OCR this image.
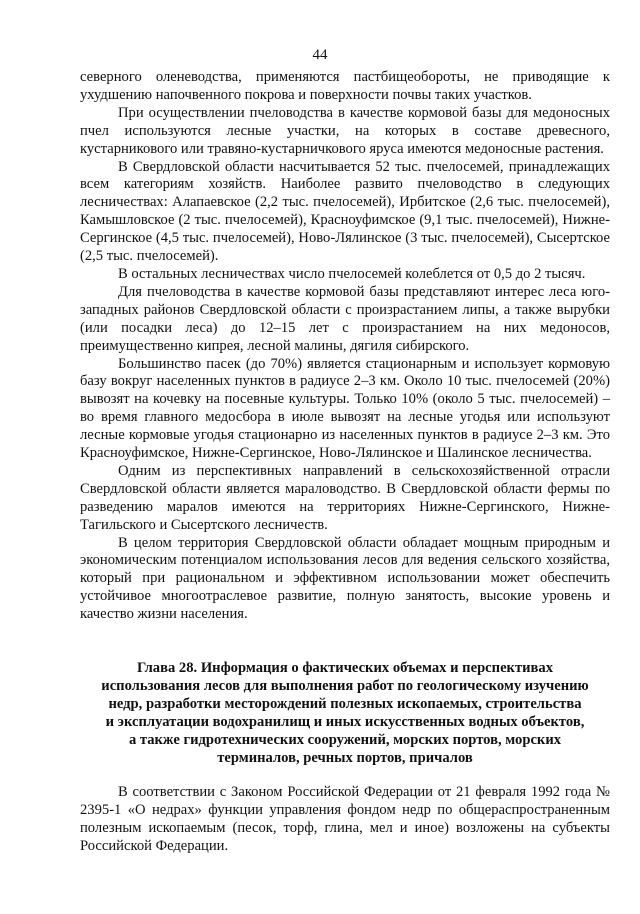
44

северного оленеводства, применяются пастбищеобороты, не приводящие к ухудшению напочвенного покрова и поверхности почвы таких участков.

При осуществлении пчеловодства в качестве кормовой базы для медоносных пчел используются лесные участки, на которых в составе древесного, кустарникового или травяно-кустарничкового яруса имеются медоносные растения.

В Свердловской области насчитывается 52 тыс. пчелосемей, принадлежащих всем категориям хозяйств. Наиболее развито пчеловодство в следующих лесничествах: Алапаевское (2,2 тыс. пчелосемей), Ирбитское (2,6 тыс. пчелосемей), Камышловское (2 тыс. пчелосемей), Красноуфимское (9,1 тыс. пчелосемей), Нижне-Сергинское (4,5 тыс. пчелосемей), Ново-Лялинское (3 тыс. пчелосемей), Сысертское (2,5 тыс. пчелосемей).

В остальных лесничествах число пчелосемей колеблется от 0,5 до 2 тысяч.

Для пчеловодства в качестве кормовой базы представляют интерес леса юго-западных районов Свердловской области с произрастанием липы, а также вырубки (или посадки леса) до 12–15 лет с произрастанием на них медоносов, преимущественно кипрея, лесной малины, дягиля сибирского.

Большинство пасек (до 70%) является стационарным и использует кормовую базу вокруг населенных пунктов в радиусе 2–3 км. Около 10 тыс. пчелосемей (20%) вывозят на кочевку на посевные культуры. Только 10% (около 5 тыс. пчелосемей) – во время главного медосбора в июле вывозят на лесные угодья или используют лесные кормовые угодья стационарно из населенных пунктов в радиусе 2–3 км. Это Красноуфимское, Нижне-Сергинское, Ново-Лялинское и Шалинское лесничества.

Одним из перспективных направлений в сельскохозяйственной отрасли Свердловской области является мараловодство. В Свердловской области фермы по разведению маралов имеются на территориях Нижне-Сергинского, Нижне-Тагильского и Сысертского лесничеств.

В целом территория Свердловской области обладает мощным природным и экономическим потенциалом использования лесов для ведения сельского хозяйства, который при рациональном и эффективном использовании может обеспечить устойчивое многоотраслевое развитие, полную занятость, высокие уровень и качество жизни населения.

Глава 28. Информация о фактических объемах и перспективах

использования лесов для выполнения работ по геологическому изучению

недр, разработки месторождений полезных ископаемых, строительства

и эксплуатации водохранилищ и иных искусственных водных объектов,

а также гидротехнических сооружений, морских портов, морских

терминалов, речных портов, причалов

В соответствии с Законом Российской Федерации от 21 февраля 1992 года № 2395-1 «О недрах» функции управления фондом недр по общераспространенным полезным ископаемым (песок, торф, глина, мел и иное) возложены на субъекты Российской Федерации.
